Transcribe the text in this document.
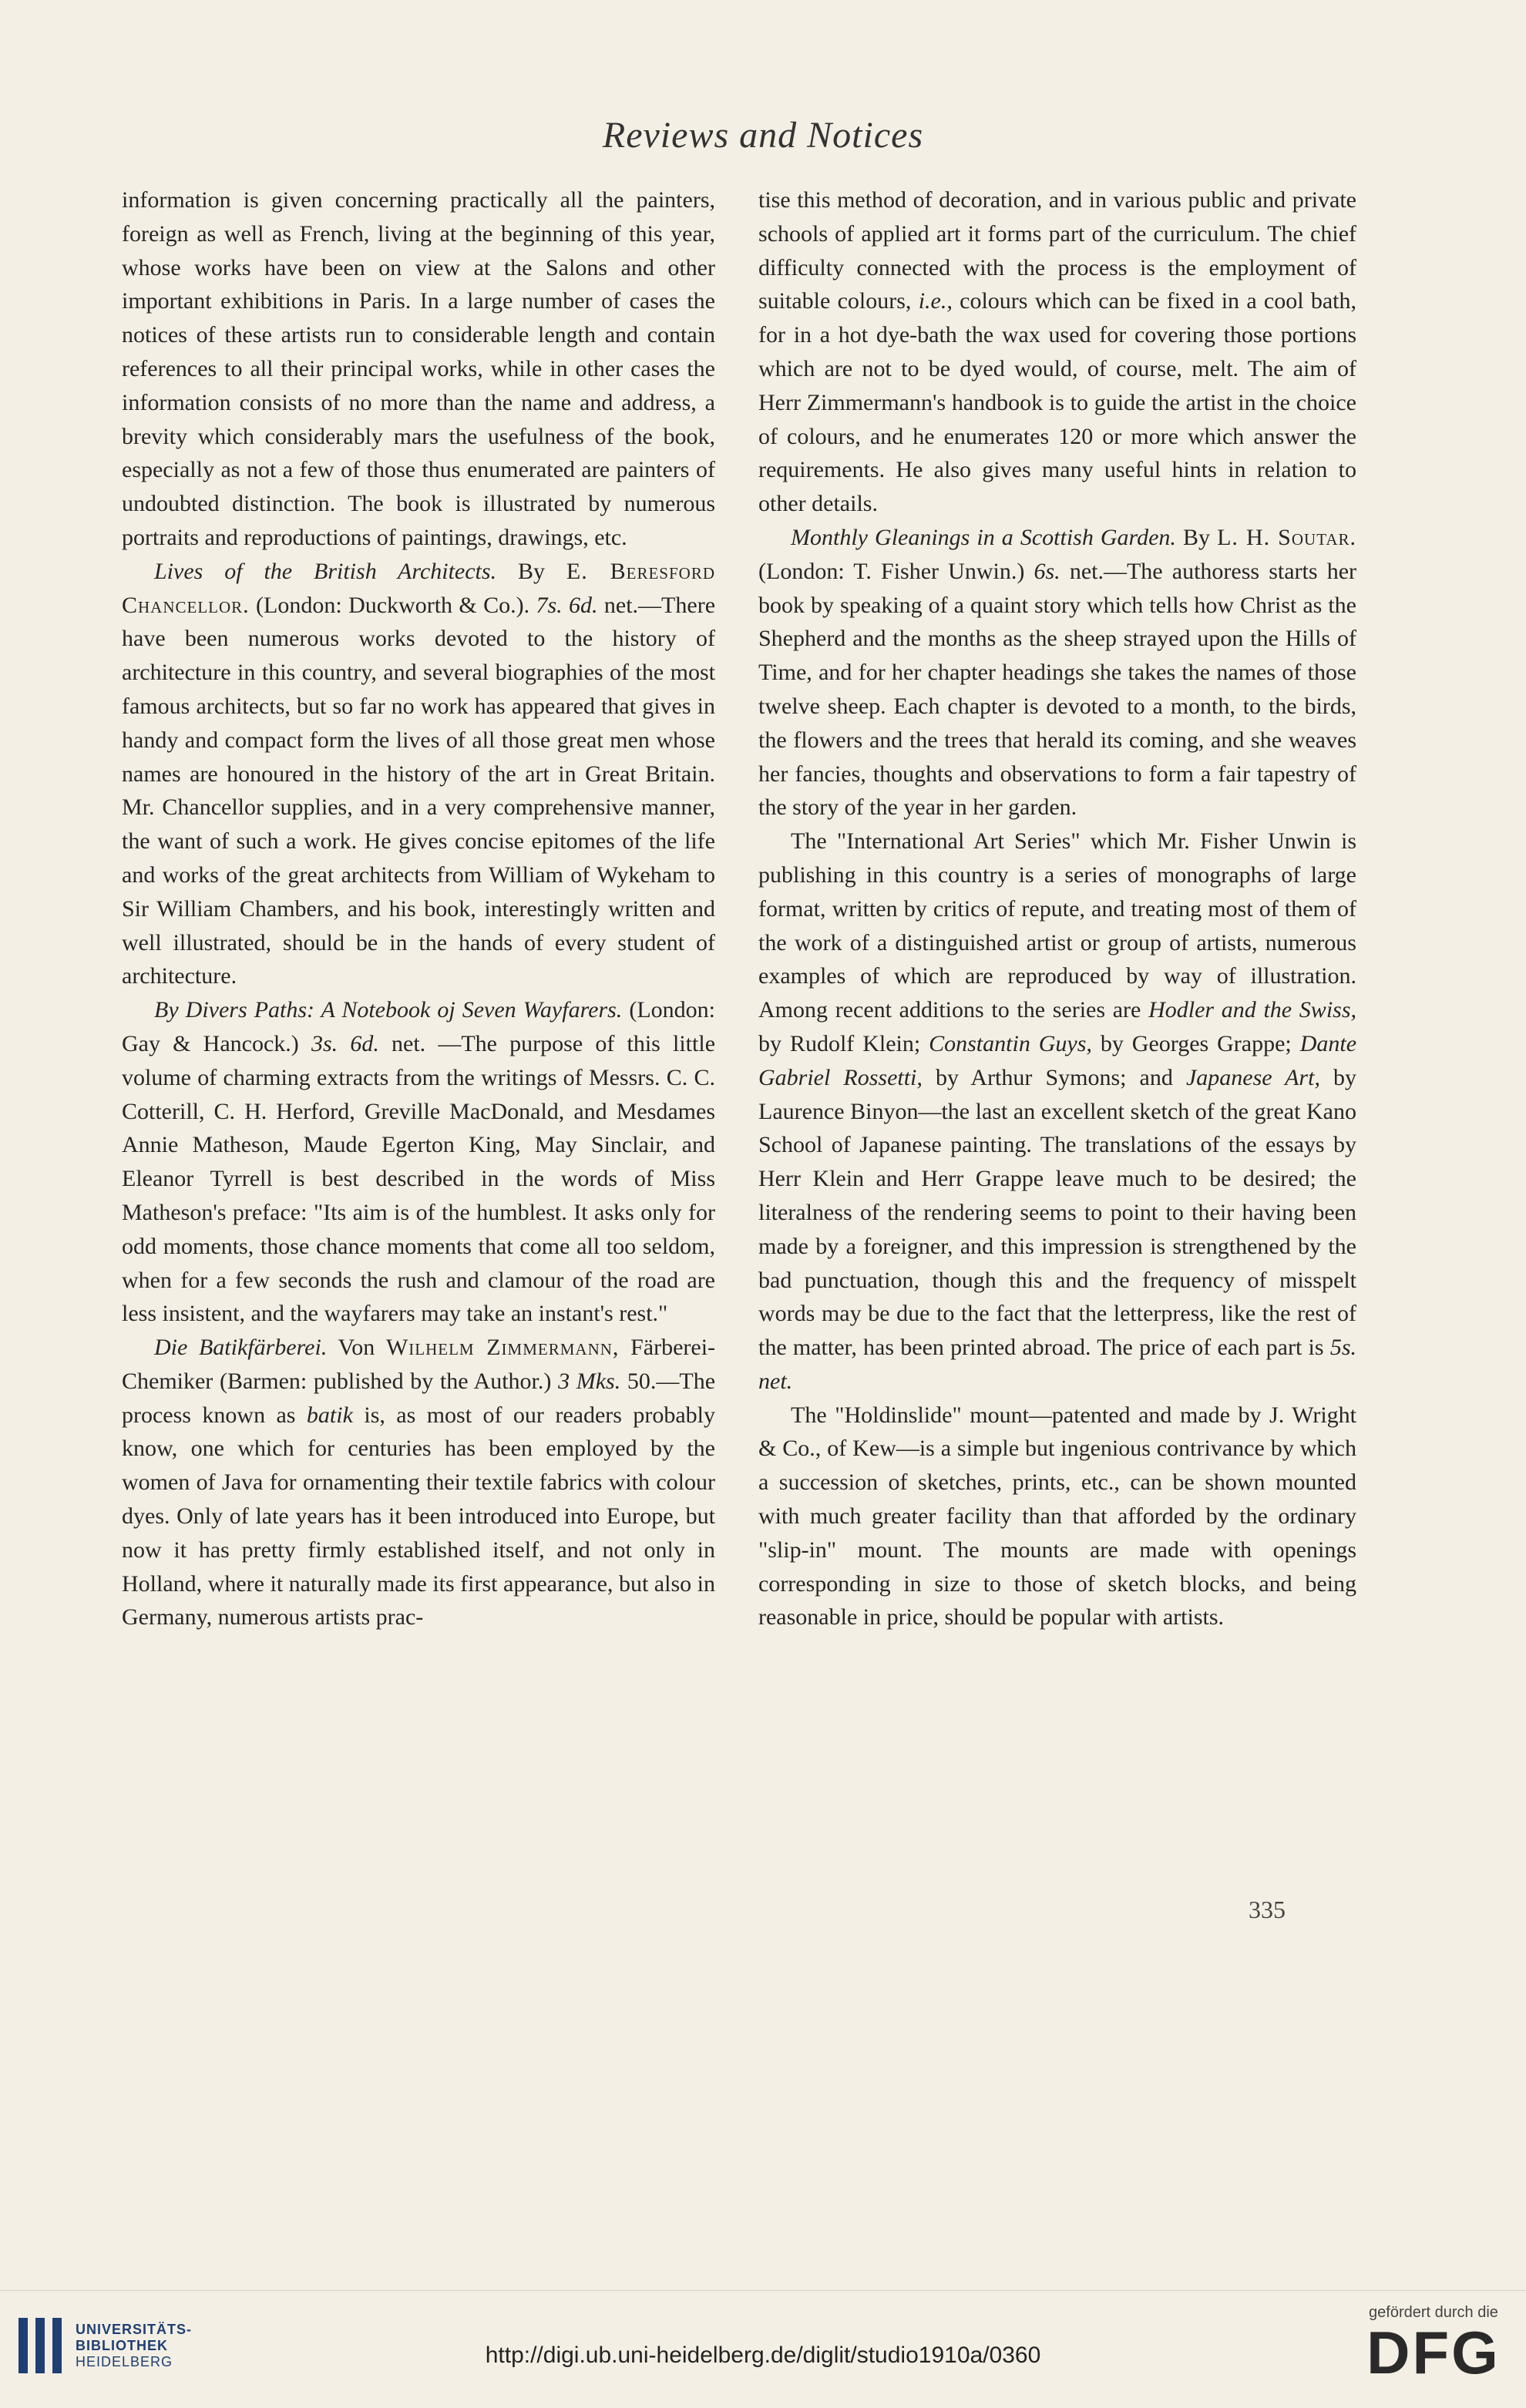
Reviews and Notices

information is given concerning practically all the painters, foreign as well as French, living at the beginning of this year, whose works have been on view at the Salons and other important exhibitions in Paris. In a large number of cases the notices of these artists run to considerable length and contain references to all their principal works, while in other cases the information consists of no more than the name and address, a brevity which considerably mars the usefulness of the book, especially as not a few of those thus enumerated are painters of undoubted distinction. The book is illustrated by numerous portraits and reproductions of paintings, drawings, etc.

Lives of the British Architects. By E. Beresford Chancellor. (London: Duckworth & Co.). 7s. 6d. net.—There have been numerous works devoted to the history of architecture in this country, and several biographies of the most famous architects, but so far no work has appeared that gives in handy and compact form the lives of all those great men whose names are honoured in the history of the art in Great Britain. Mr. Chancellor supplies, and in a very comprehensive manner, the want of such a work. He gives concise epitomes of the life and works of the great architects from William of Wykeham to Sir William Chambers, and his book, interestingly written and well illustrated, should be in the hands of every student of architecture.

By Divers Paths: A Notebook oj Seven Wayfarers. (London: Gay & Hancock.) 3s. 6d. net. —The purpose of this little volume of charming extracts from the writings of Messrs. C. C. Cotterill, C. H. Herford, Greville MacDonald, and Mesdames Annie Matheson, Maude Egerton King, May Sinclair, and Eleanor Tyrrell is best described in the words of Miss Matheson's preface: "Its aim is of the humblest. It asks only for odd moments, those chance moments that come all too seldom, when for a few seconds the rush and clamour of the road are less insistent, and the wayfarers may take an instant's rest."

Die Batikfärberei. Von Wilhelm Zimmermann, Färberei-Chemiker (Barmen: published by the Author.) 3 Mks. 50.—The process known as batik is, as most of our readers probably know, one which for centuries has been employed by the women of Java for ornamenting their textile fabrics with colour dyes. Only of late years has it been introduced into Europe, but now it has pretty firmly established itself, and not only in Holland, where it naturally made its first appearance, but also in Germany, numerous artists prac-

tise this method of decoration, and in various public and private schools of applied art it forms part of the curriculum. The chief difficulty connected with the process is the employment of suitable colours, i.e., colours which can be fixed in a cool bath, for in a hot dye-bath the wax used for covering those portions which are not to be dyed would, of course, melt. The aim of Herr Zimmermann's handbook is to guide the artist in the choice of colours, and he enumerates 120 or more which answer the requirements. He also gives many useful hints in relation to other details.

Monthly Gleanings in a Scottish Garden. By L. H. Soutar. (London: T. Fisher Unwin.) 6s. net.—The authoress starts her book by speaking of a quaint story which tells how Christ as the Shepherd and the months as the sheep strayed upon the Hills of Time, and for her chapter headings she takes the names of those twelve sheep. Each chapter is devoted to a month, to the birds, the flowers and the trees that herald its coming, and she weaves her fancies, thoughts and observations to form a fair tapestry of the story of the year in her garden.

The "International Art Series" which Mr. Fisher Unwin is publishing in this country is a series of monographs of large format, written by critics of repute, and treating most of them of the work of a distinguished artist or group of artists, numerous examples of which are reproduced by way of illustration. Among recent additions to the series are Hodler and the Swiss, by Rudolf Klein; Constantin Guys, by Georges Grappe; Dante Gabriel Rossetti, by Arthur Symons; and Japanese Art, by Laurence Binyon—the last an excellent sketch of the great Kano School of Japanese painting. The translations of the essays by Herr Klein and Herr Grappe leave much to be desired; the literalness of the rendering seems to point to their having been made by a foreigner, and this impression is strengthened by the bad punctuation, though this and the frequency of misspelt words may be due to the fact that the letterpress, like the rest of the matter, has been printed abroad. The price of each part is 5s. net.

The "Holdinslide" mount—patented and made by J. Wright & Co., of Kew—is a simple but ingenious contrivance by which a succession of sketches, prints, etc., can be shown mounted with much greater facility than that afforded by the ordinary "slip-in" mount. The mounts are made with openings corresponding in size to those of sketch blocks, and being reasonable in price, should be popular with artists.

335
UNIVERSITÄTS-
BIBLIOTHEK
HEIDELBERG	http://digi.ub.uni-heidelberg.de/diglit/studio1910a/0360
gefördert durch die
DFG
